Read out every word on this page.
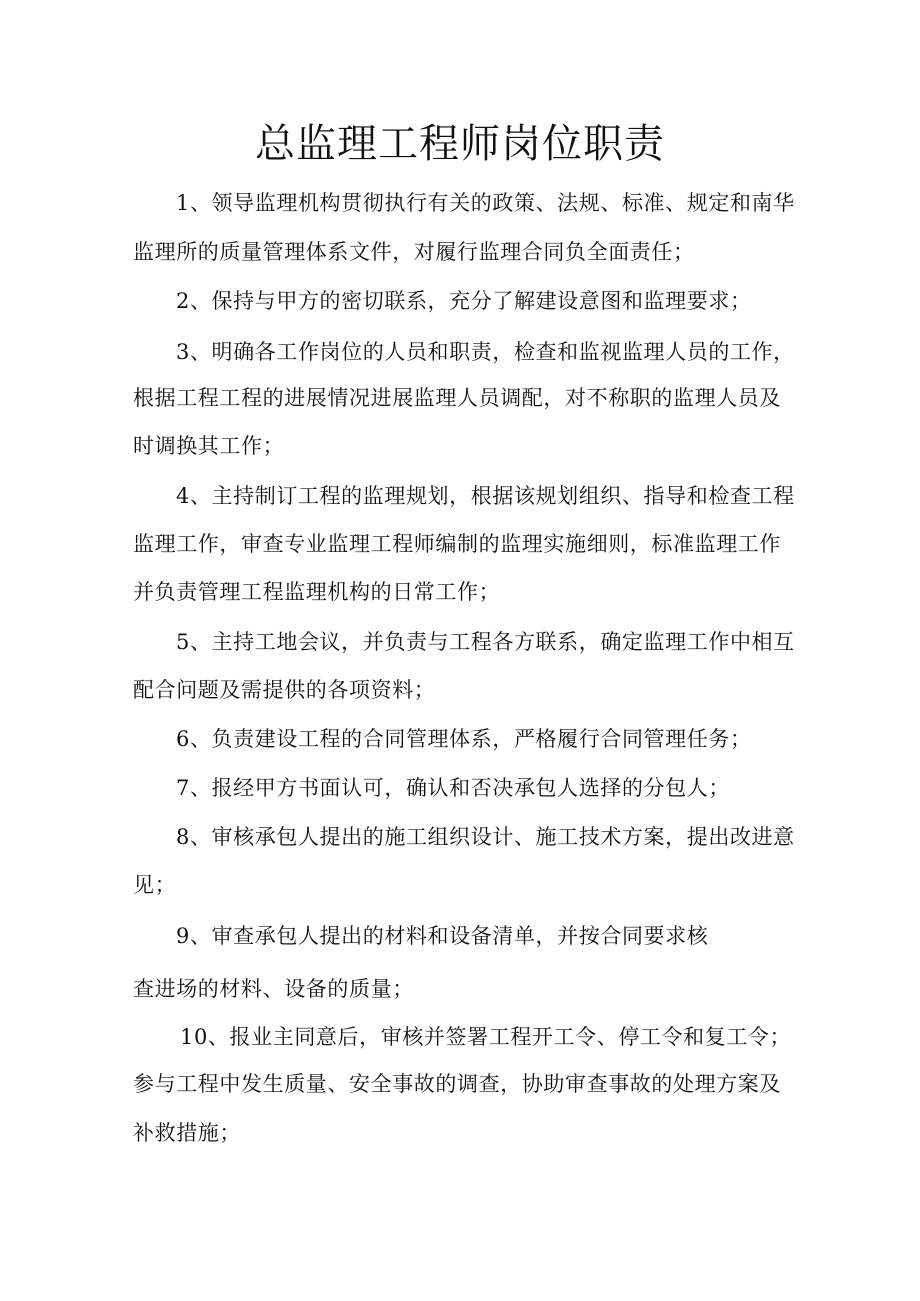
总监理工程师岗位职责
1、领导监理机构贯彻执行有关的政策、法规、标准、规定和南华
监理所的质量管理体系文件，对履行监理合同负全面责任；
2、保持与甲方的密切联系，充分了解建设意图和监理要求；
3、明确各工作岗位的人员和职责，检查和监视监理人员的工作，
根据工程工程的进展情况进展监理人员调配，对不称职的监理人员及
时调换其工作；
4、主持制订工程的监理规划，根据该规划组织、指导和检查工程
监理工作，审查专业监理工程师编制的监理实施细则，标准监理工作
并负责管理工程监理机构的日常工作；
5、主持工地会议，并负责与工程各方联系，确定监理工作中相互
配合问题及需提供的各项资料；
6、负责建设工程的合同管理体系，严格履行合同管理任务；
7、报经甲方书面认可，确认和否决承包人选择的分包人；
8、审核承包人提出的施工组织设计、施工技术方案，提出改进意
见；
9、审查承包人提出的材料和设备清单，并按合同要求核
查进场的材料、设备的质量；
10、报业主同意后，审核并签署工程开工令、停工令和复工令；
参与工程中发生质量、安全事故的调查，协助审查事故的处理方案及
补救措施；
